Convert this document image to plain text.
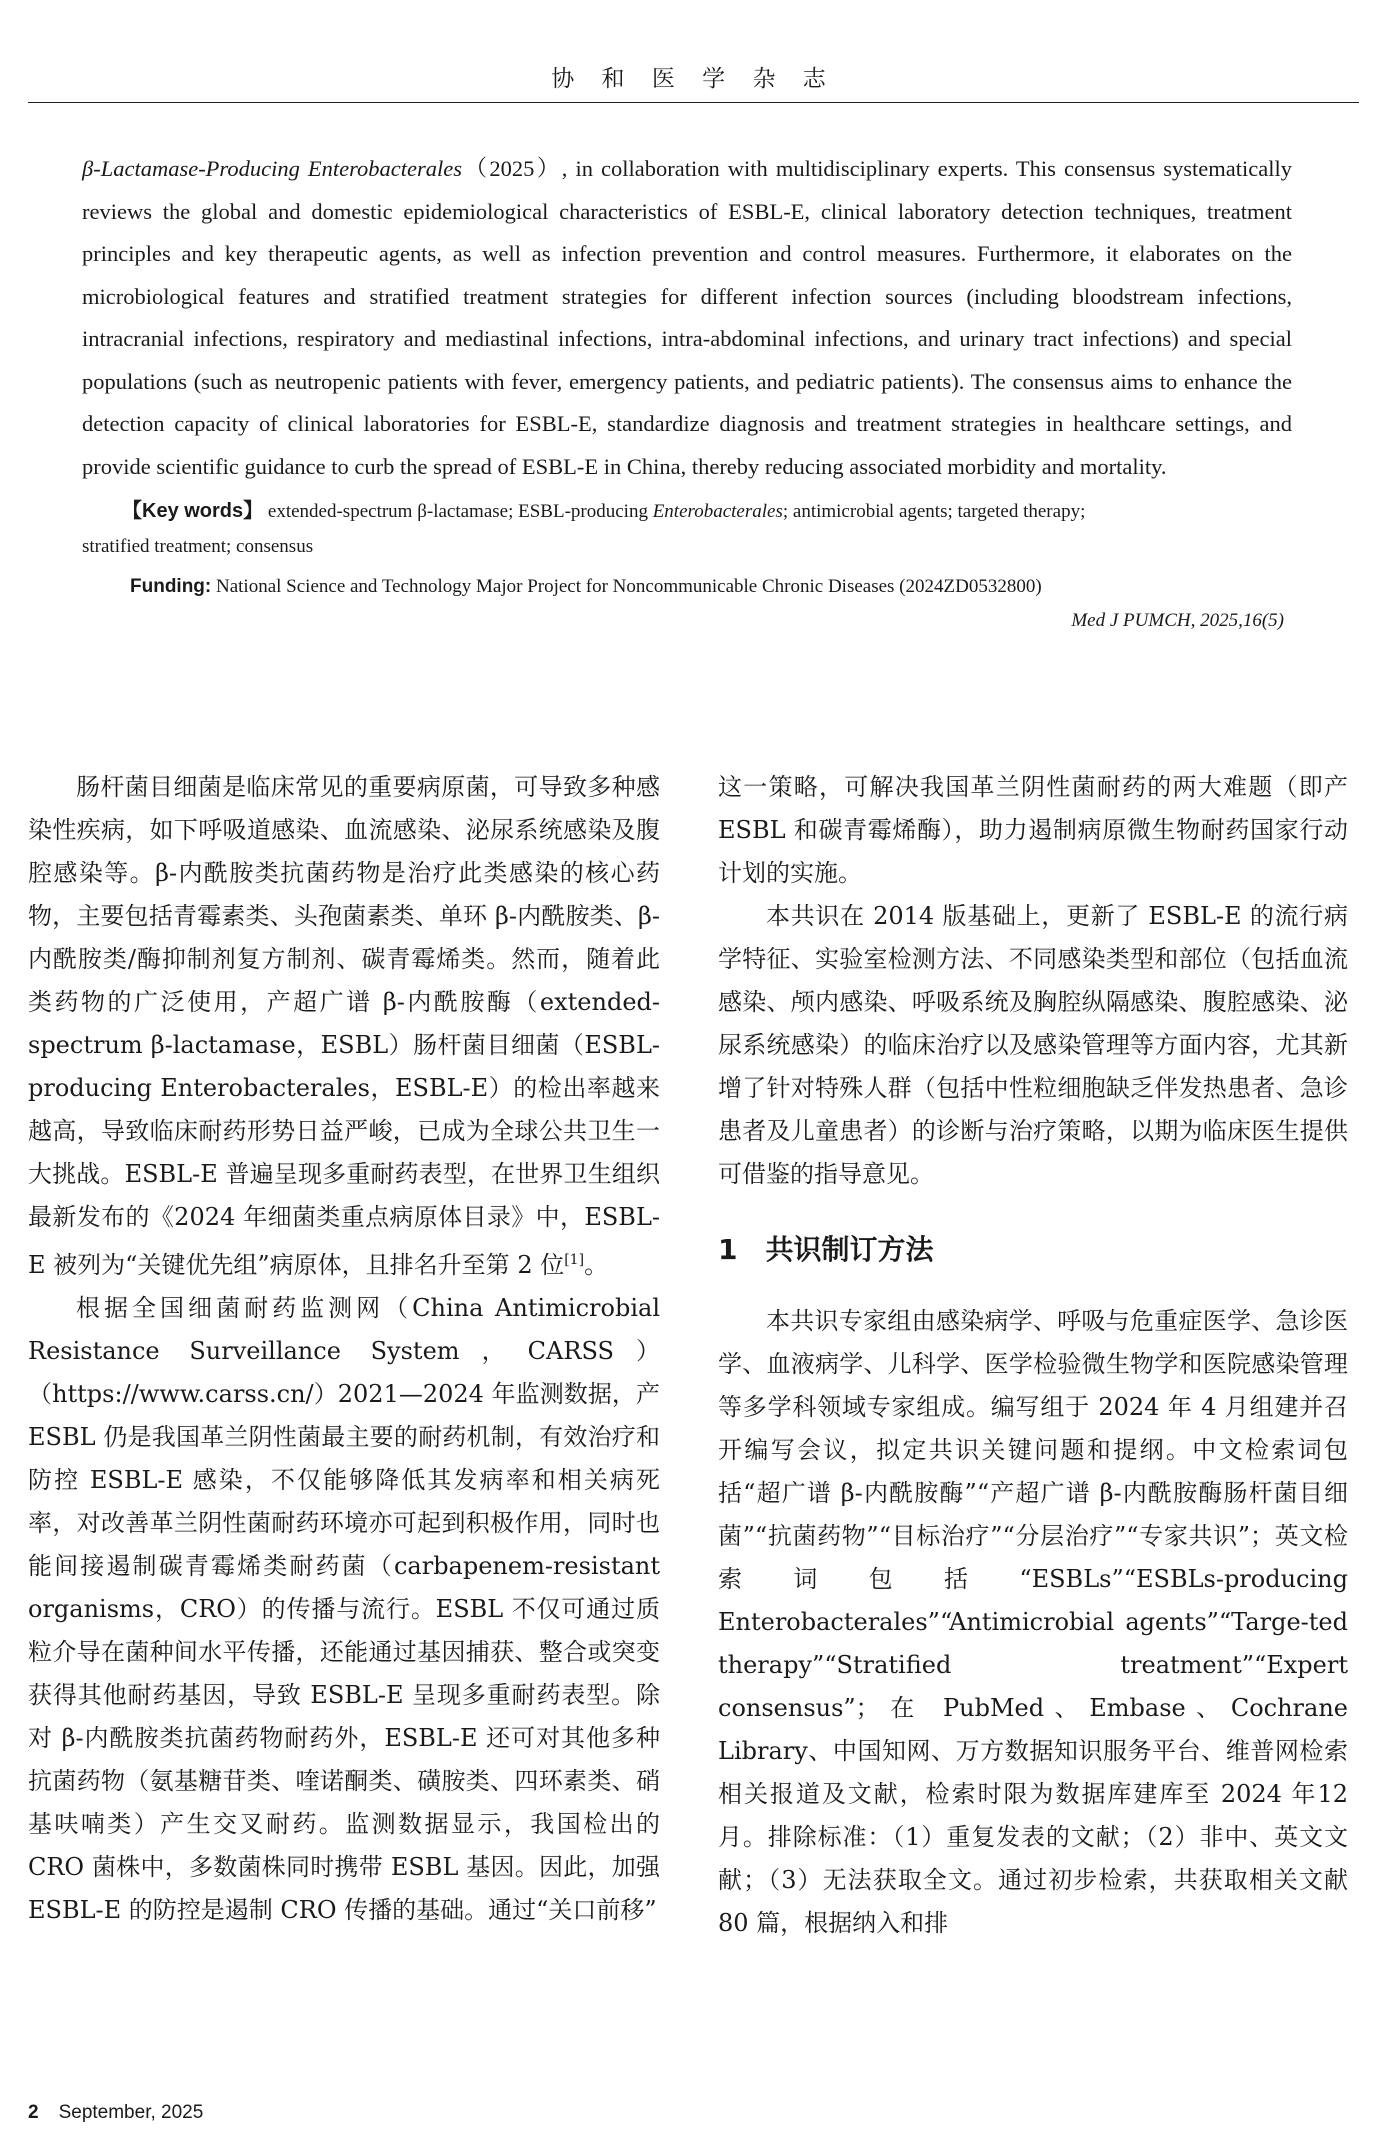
协 和 医 学 杂 志

β-Lactamase-Producing Enterobacterales（2025）, in collaboration with multidisciplinary experts. This consensus systematically reviews the global and domestic epidemiological characteristics of ESBL-E, clinical laboratory detection techniques, treatment principles and key therapeutic agents, as well as infection prevention and control measures. Furthermore, it elaborates on the microbiological features and stratified treatment strategies for different infection sources (including bloodstream infections, intracranial infections, respiratory and mediastinal infections, intra-abdominal infections, and urinary tract infections) and special populations (such as neutropenic patients with fever, emergency patients, and pediatric patients). The consensus aims to enhance the detection capacity of clinical laboratories for ESBL-E, standardize diagnosis and treatment strategies in healthcare settings, and provide scientific guidance to curb the spread of ESBL-E in China, thereby reducing associated morbidity and mortality.

【Key words】 extended-spectrum β-lactamase; ESBL-producing Enterobacterales; antimicrobial agents; targeted therapy;

stratified treatment; consensus

Funding: National Science and Technology Major Project for Noncommunicable Chronic Diseases (2024ZD0532800)

Med J PUMCH, 2025,16(5)

肠杆菌目细菌是临床常见的重要病原菌，可导致多种感染性疾病，如下呼吸道感染、血流感染、泌尿系统感染及腹腔感染等。β-内酰胺类抗菌药物是治疗此类感染的核心药物，主要包括青霉素类、头孢菌素类、单环 β-内酰胺类、β-内酰胺类/酶抑制剂复方制剂、碳青霉烯类。然而，随着此类药物的广泛使用，产超广谱 β-内酰胺酶（extended-spectrum β-lactamase，ESBL）肠杆菌目细菌（ESBL-producing Enterobacterales，ESBL-E）的检出率越来越高，导致临床耐药形势日益严峻，已成为全球公共卫生一大挑战。ESBL-E 普遍呈现多重耐药表型，在世界卫生组织最新发布的《2024 年细菌类重点病原体目录》中，ESBL-E 被列为“关键优先组”病原体，且排名升至第 2 位[1]。

根据全国细菌耐药监测网（China Antimicrobial Resistance Surveillance System，CARSS）（https://www.carss.cn/）2021—2024 年监测数据，产 ESBL 仍是我国革兰阴性菌最主要的耐药机制，有效治疗和防控 ESBL-E 感染，不仅能够降低其发病率和相关病死率，对改善革兰阴性菌耐药环境亦可起到积极作用，同时也能间接遏制碳青霉烯类耐药菌（carbapenem-resistant organisms，CRO）的传播与流行。ESBL 不仅可通过质粒介导在菌种间水平传播，还能通过基因捕获、整合或突变获得其他耐药基因，导致 ESBL-E 呈现多重耐药表型。除对 β-内酰胺类抗菌药物耐药外，ESBL-E 还可对其他多种抗菌药物（氨基糖苷类、喹诺酮类、磺胺类、四环素类、硝基呋喃类）产生交叉耐药。监测数据显示，我国检出的 CRO 菌株中，多数菌株同时携带 ESBL 基因。因此，加强 ESBL-E 的防控是遏制 CRO 传播的基础。通过“关口前移”

这一策略，可解决我国革兰阴性菌耐药的两大难题（即产 ESBL 和碳青霉烯酶），助力遏制病原微生物耐药国家行动计划的实施。

本共识在 2014 版基础上，更新了 ESBL-E 的流行病学特征、实验室检测方法、不同感染类型和部位（包括血流感染、颅内感染、呼吸系统及胸腔纵隔感染、腹腔感染、泌尿系统感染）的临床治疗以及感染管理等方面内容，尤其新增了针对特殊人群（包括中性粒细胞缺乏伴发热患者、急诊患者及儿童患者）的诊断与治疗策略，以期为临床医生提供可借鉴的指导意见。

1　共识制订方法

本共识专家组由感染病学、呼吸与危重症医学、急诊医学、血液病学、儿科学、医学检验微生物学和医院感染管理等多学科领域专家组成。编写组于 2024 年 4 月组建并召开编写会议，拟定共识关键问题和提纲。中文检索词包括“超广谱 β-内酰胺酶”“产超广谱 β-内酰胺酶肠杆菌目细菌”“抗菌药物”“目标治疗”“分层治疗”“专家共识”；英文检索词包括“ESBLs”“ESBLs-producing Enterobacterales”“Antimicrobial agents”“Targe-ted therapy”“Stratified treatment”“Expert consensus”；在 PubMed、Embase、Cochrane Library、中国知网、万方数据知识服务平台、维普网检索相关报道及文献，检索时限为数据库建库至 2024 年12 月。排除标准：（1）重复发表的文献；（2）非中、英文文献；（3）无法获取全文。通过初步检索，共获取相关文献 80 篇，根据纳入和排

2 September, 2025
